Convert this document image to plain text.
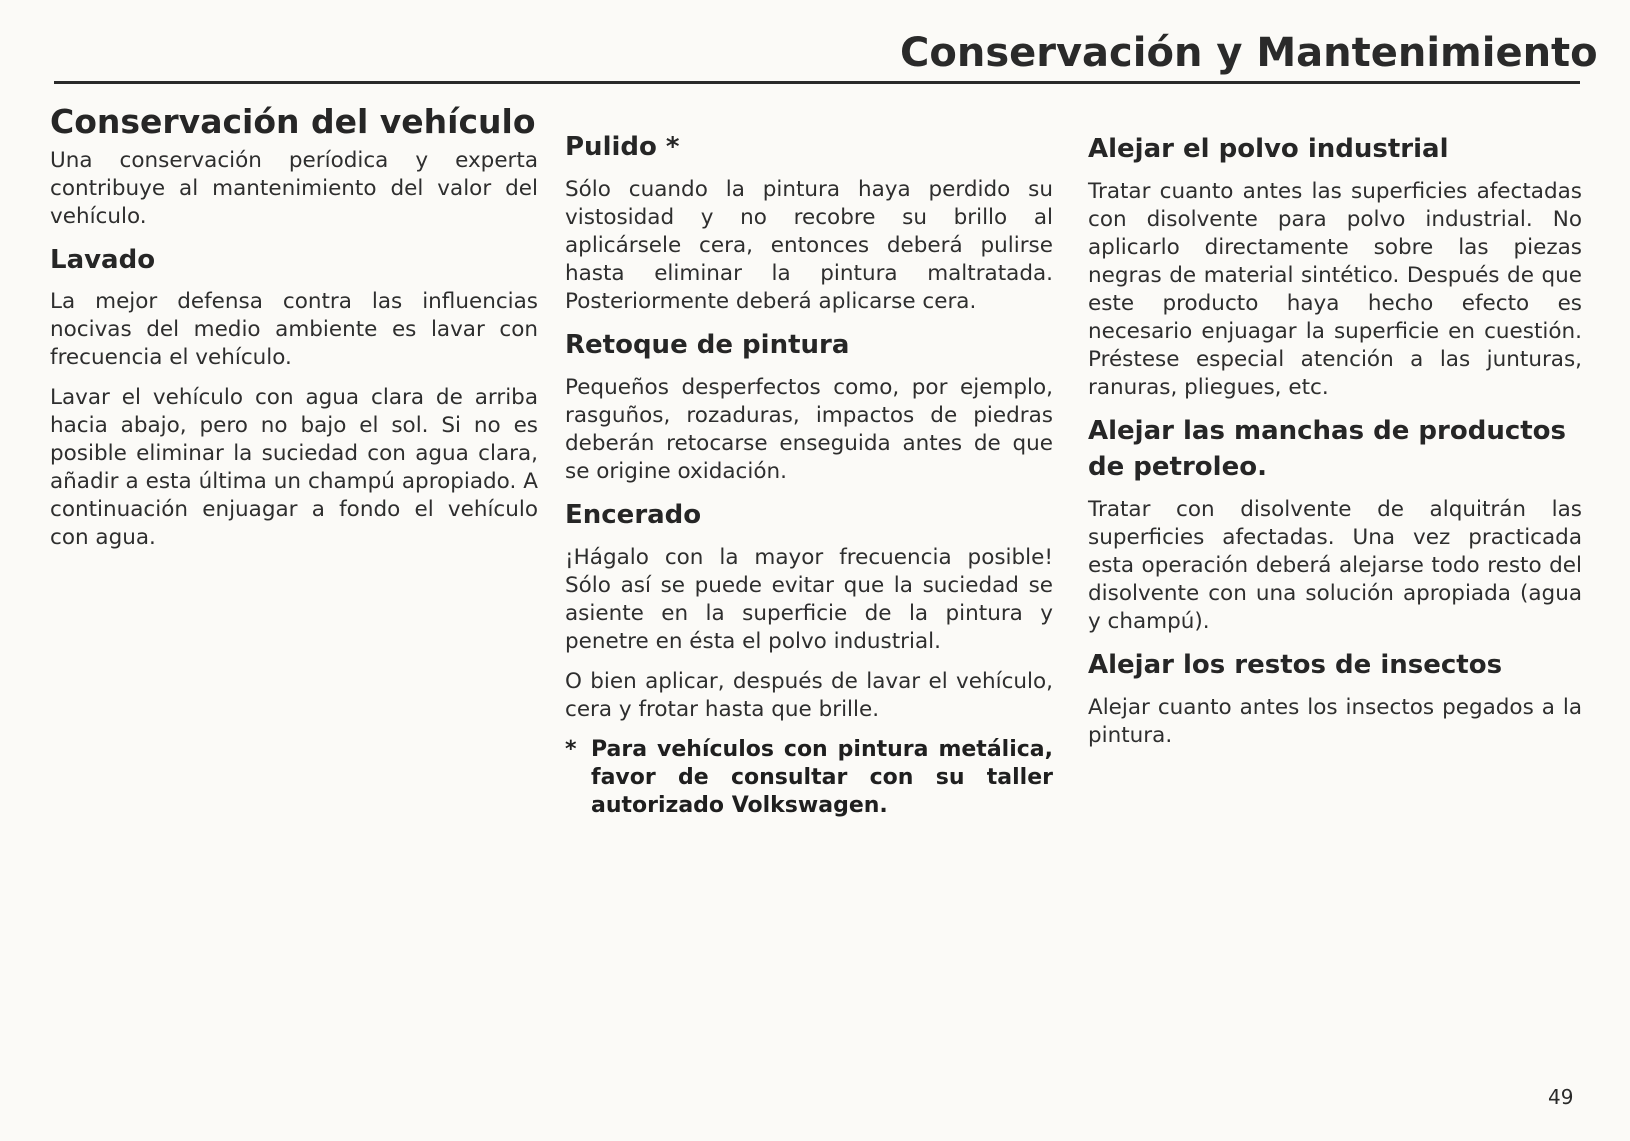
Conservación y Mantenimiento
Conservación del vehículo

Una conservación períodica y experta contribuye al mantenimiento del valor del vehículo.

Lavado

La mejor defensa contra las influencias nocivas del medio ambiente es lavar con frecuencia el vehículo.

Lavar el vehículo con agua clara de arriba hacia abajo, pero no bajo el sol. Si no es posible eliminar la suciedad con agua clara, añadir a esta última un champú apropiado. A continuación enjuagar a fondo el vehículo con agua.

Pulido *

Sólo cuando la pintura haya perdido su vistosidad y no recobre su brillo al aplicársele cera, entonces deberá pulirse hasta eliminar la pintura maltratada. Posteriormente deberá aplicarse cera.

Retoque de pintura

Pequeños desperfectos como, por ejemplo, rasguños, rozaduras, impactos de piedras deberán retocarse enseguida antes de que se origine oxidación.

Encerado

¡Hágalo con la mayor frecuencia posible! Sólo así se puede evitar que la suciedad se asiente en la superficie de la pintura y penetre en ésta el polvo industrial.

O bien aplicar, después de lavar el vehículo, cera y frotar hasta que brille.

* Para vehículos con pintura metálica, favor de consultar con su taller autorizado Volkswagen.
Alejar el polvo industrial

Tratar cuanto antes las superficies afectadas con disolvente para polvo industrial. No aplicarlo directamente sobre las piezas negras de material sintético. Después de que este producto haya hecho efecto es necesario enjuagar la superficie en cuestión. Préstese especial atención a las junturas, ranuras, pliegues, etc.

Alejar las manchas de productos de petroleo.

Tratar con disolvente de alquitrán las superficies afectadas. Una vez practicada esta operación deberá alejarse todo resto del disolvente con una solución apropiada (agua y champú).

Alejar los restos de insectos

Alejar cuanto antes los insectos pegados a la pintura.

49
